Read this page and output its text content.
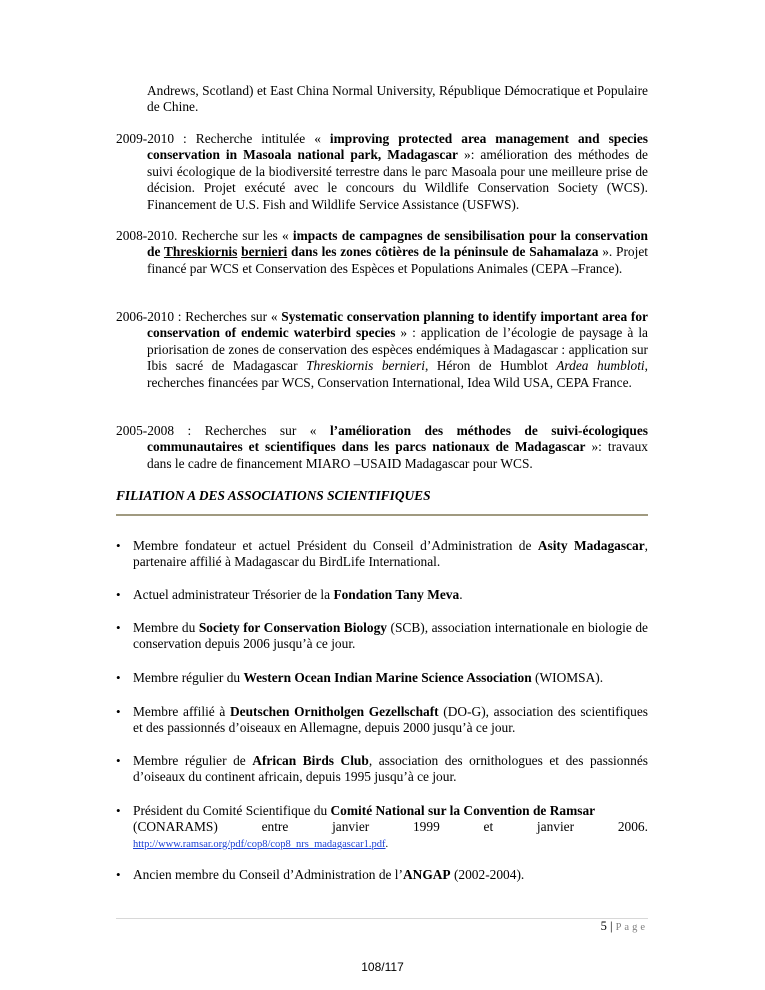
Andrews, Scotland) et East China Normal University, République Démocratique et Populaire de Chine.

2009-2010 : Recherche intitulée « improving protected area management and species conservation in Masoala national park, Madagascar »: amélioration des méthodes de suivi écologique de la biodiversité terrestre dans le parc Masoala pour une meilleure prise de décision. Projet exécuté avec le concours du Wildlife Conservation Society (WCS). Financement de U.S. Fish and Wildlife Service Assistance (USFWS).

2008-2010. Recherche sur les « impacts de campagnes de sensibilisation pour la conservation de Threskiornis bernieri dans les zones côtières de la péninsule de Sahamalaza ». Projet financé par WCS et Conservation des Espèces et Populations Animales (CEPA –France).

2006-2010 : Recherches sur « Systematic conservation planning to identify important area for conservation of endemic waterbird species » : application de l’écologie de paysage à la priorisation de zones de conservation des espèces endémiques à Madagascar : application sur Ibis sacré de Madagascar Threskiornis bernieri, Héron de Humblot Ardea humbloti, recherches financées par WCS, Conservation International, Idea Wild USA, CEPA France.

2005-2008 : Recherches sur « l’amélioration des méthodes de suivi-écologiques communautaires et scientifiques dans les parcs nationaux de Madagascar »: travaux dans le cadre de financement MIARO –USAID Madagascar pour WCS.

FILIATION A DES ASSOCIATIONS SCIENTIFIQUES
• Membre fondateur et actuel Président du Conseil d’Administration de Asity Madagascar, partenaire affilié à Madagascar du BirdLife International.
• Actuel administrateur Trésorier de la Fondation Tany Meva.
• Membre du Society for Conservation Biology (SCB), association internationale en biologie de conservation depuis 2006 jusqu’à ce jour.
• Membre régulier du Western Ocean Indian Marine Science Association (WIOMSA).
• Membre affilié à Deutschen Ornitholgen Gezellschaft (DO-G), association des scientifiques et des passionnés d’oiseaux en Allemagne, depuis 2000 jusqu’à ce jour.
• Membre régulier de African Birds Club, association des ornithologues et des passionnés d’oiseaux du continent africain, depuis 1995 jusqu’à ce jour.
• Président du Comité Scientifique du Comité National sur la Convention de Ramsar
(CONARAMS)	entre	janvier	1999	et	janvier	2006.
http://www.ramsar.org/pdf/cop8/cop8_nrs_madagascar1.pdf.
• Ancien membre du Conseil d’Administration de l’ANGAP (2002-2004).
5 | Page
108/117
